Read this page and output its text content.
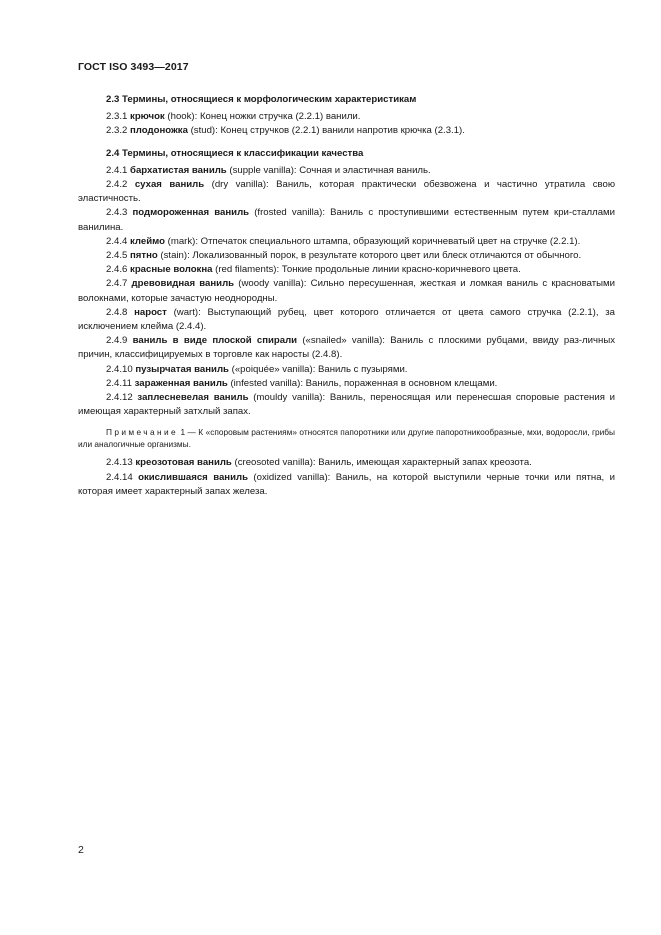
ГОСТ ISO 3493—2017

2.3 Термины, относящиеся к морфологическим характеристикам

2.3.1 крючок (hook): Конец ножки стручка (2.2.1) ванили.

2.3.2 плодоножка (stud): Конец стручков (2.2.1) ванили напротив крючка (2.3.1).

2.4 Термины, относящиеся к классификации качества

2.4.1 бархатистая ваниль (supple vanilla): Сочная и эластичная ваниль.

2.4.2 сухая ваниль (dry vanilla): Ваниль, которая практически обезвожена и частично утратила свою эластичность.

2.4.3 подмороженная ваниль (frosted vanilla): Ваниль с проступившими естественным путем кри-сталлами ванилина.

2.4.4 клеймо (mark): Отпечаток специального штампа, образующий коричневатый цвет на стручке (2.2.1).

2.4.5 пятно (stain): Локализованный порок, в результате которого цвет или блеск отличаются от обычного.

2.4.6 красные волокна (red filaments): Тонкие продольные линии красно-коричневого цвета.

2.4.7 древовидная ваниль (woody vanilla): Сильно пересушенная, жесткая и ломкая ваниль с красноватыми волокнами, которые зачастую неоднородны.

2.4.8 нарост (wart): Выступающий рубец, цвет которого отличается от цвета самого стручка (2.2.1), за исключением клейма (2.4.4).

2.4.9 ваниль в виде плоской спирали («snailed» vanilla): Ваниль с плоскими рубцами, ввиду раз-личных причин, классифицируемых в торговле как наросты (2.4.8).

2.4.10 пузырчатая ваниль («poiquée» vanilla): Ваниль с пузырями.

2.4.11 зараженная ваниль (infested vanilla): Ваниль, пораженная в основном клещами.

2.4.12 заплесневелая ваниль (mouldy vanilla): Ваниль, переносящая или перенесшая споровые растения и имеющая характерный затхлый запах.

Примечание 1 — К «споровым растениям» относятся папоротники или другие папоротникообразные, мхи, водоросли, грибы или аналогичные организмы.

2.4.13 креозотовая ваниль (creosoted vanilla): Ваниль, имеющая характерный запах креозота.

2.4.14 окислившаяся ваниль (oxidized vanilla): Ваниль, на которой выступили черные точки или пятна, и которая имеет характерный запах железа.

2
